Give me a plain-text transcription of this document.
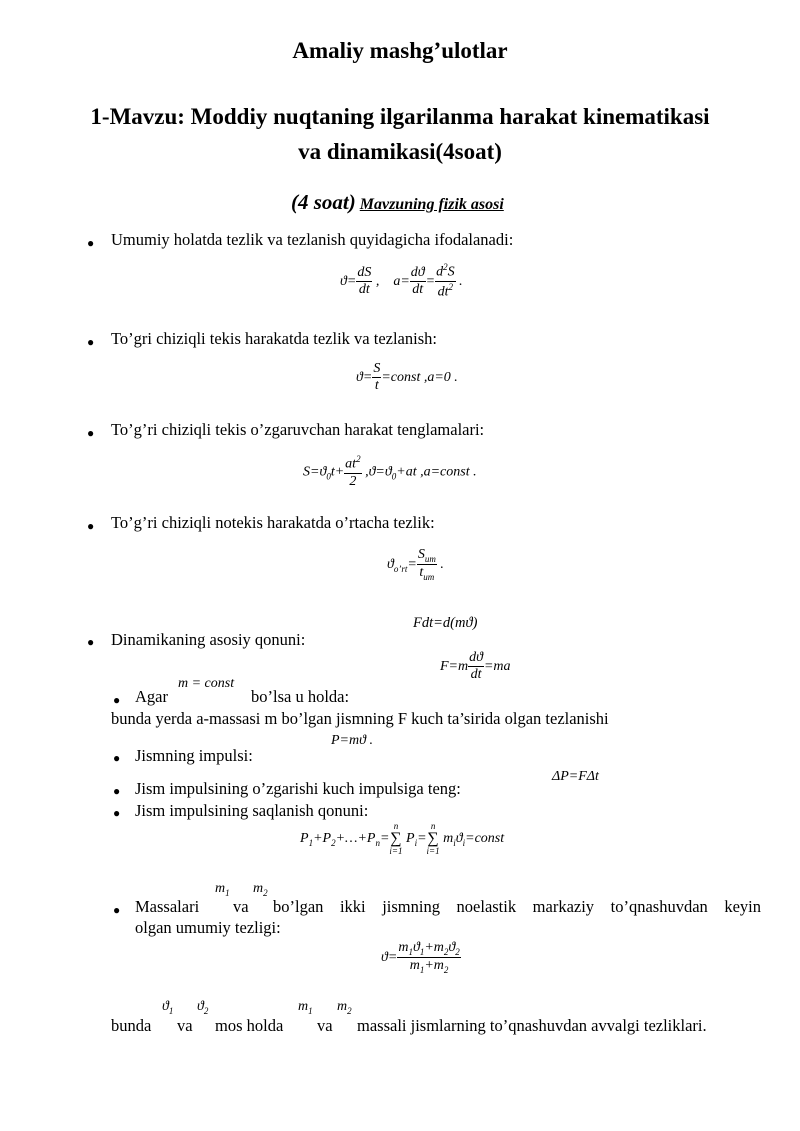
Amaliy mashg’ulotlar
1-Mavzu: Moddiy nuqtaning ilgarilanma harakat kinematikasi
va dinamikasi(4soat)
(4 soat) Mavzuning fizik asosi
● Umumiy holatda tezlik va tezlanish quyidagicha ifodalanadi:
$ϑ= \frac{dS}{dt}$ ,    $a= \frac{dϑ}{dt} = \frac{d^2S}{dt^2}$ .
● To’gri chiziqli tekis harakatda tezlik va tezlanish:
$ϑ= \frac{S}{t}$ =const ,a=0 .
● To’g’ri chiziqli tekis o’zgaruvchan harakat tenglamalari:
$S=ϑ_0t+ \frac{at^2}{2} ,ϑ=ϑ_0+at$ ,a=const .
● To’g’ri chiziqli notekis harakatda o’rtacha tezlik:
$ϑ_{o’rt}= \frac{S_{um}}{t_{um}}$ .
Fdt=d(mϑ)
● Dinamikaning asosiy qonuni:
$F=m \frac{dϑ}{dt} =ma$
● Agar
m = const
bo’lsa u holda:
bunda yerda a-massasi m bo’lgan jismning F kuch ta’sirida olgan tezlanishi
P=mϑ .
● Jismning impulsi:
ΔP=FΔt
● Jism impulsining o’zgarishi kuch impulsiga teng:
● Jism impulsining saqlanish qonuni:
$P_1+P_2+\dots+P_n=$
n
∑
i=1
$P_i=$
n
∑
i=1
$m_iϑ_i=const$
$m_1$ $m_2$
● Massalari va bo’lgan ikki jismning noelastik markaziy to’qnashuvdan keyin
olgan umumiy tezligi:
$ϑ= \frac{m_1ϑ_1+m_2ϑ_2}{m_1+m_2}$
$ϑ_1$ $ϑ_2$	$m_1$ $m_2$
bunda va mos holda va massali jismlarning to’qnashuvdan avvalgi tezliklari.
